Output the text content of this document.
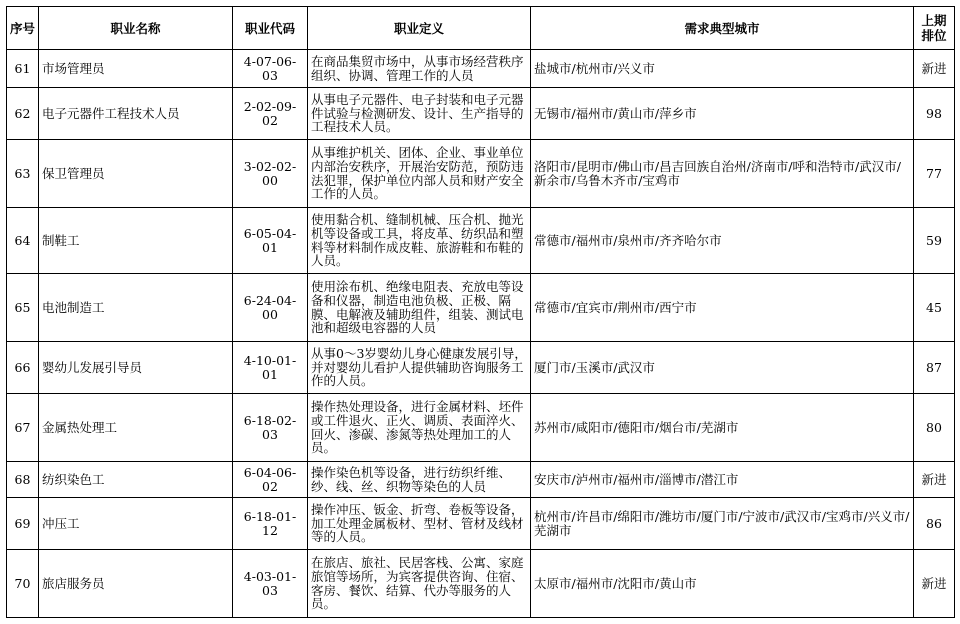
序号	职业名称	职业代码	职业定义	需求典型城市	上期排位
61	市场管理员	4-07-06-03	在商品集贸市场中，从事市场经营秩序组织、协调、管理工作的人员	盐城市/杭州市/兴义市	新进
62	电子元器件工程技术人员	2-02-09-02	从事电子元器件、电子封装和电子元器件试验与检测研发、设计、生产指导的工程技术人员。	无锡市/福州市/黄山市/萍乡市	98
63	保卫管理员	3-02-02-00	从事维护机关、团体、企业、事业单位内部治安秩序，开展治安防范，预防违法犯罪，保护单位内部人员和财产安全工作的人员。	洛阳市/昆明市/佛山市/昌吉回族自治州/济南市/呼和浩特市/武汉市/新余市/乌鲁木齐市/宝鸡市	77
64	制鞋工	6-05-04-01	使用黏合机、缝制机械、压合机、抛光机等设备或工具，将皮革、纺织品和塑料等材料制作成皮鞋、旅游鞋和布鞋的人员。	常德市/福州市/泉州市/齐齐哈尔市	59
65	电池制造工	6-24-04-00	使用涂布机、绝缘电阻表、充放电等设备和仪器，制造电池负极、正极、隔膜、电解液及辅助组件，组装、测试电池和超级电容器的人员	常德市/宜宾市/荆州市/西宁市	45
66	婴幼儿发展引导员	4-10-01-01	从事0～3岁婴幼儿身心健康发展引导，并对婴幼儿看护人提供辅助咨询服务工作的人员。	厦门市/玉溪市/武汉市	87
67	金属热处理工	6-18-02-03	操作热处理设备，进行金属材料、坯件或工件退火、正火、调质、表面淬火、回火、渗碳、渗氮等热处理加工的人员。	苏州市/咸阳市/德阳市/烟台市/芜湖市	80
68	纺织染色工	6-04-06-02	操作染色机等设备，进行纺织纤维、纱、线、丝、织物等染色的人员	安庆市/泸州市/福州市/淄博市/潜江市	新进
69	冲压工	6-18-01-12	操作冲压、钣金、折弯、卷板等设备，加工处理金属板材、型材、管材及线材等的人员。	杭州市/许昌市/绵阳市/潍坊市/厦门市/宁波市/武汉市/宝鸡市/兴义市/芜湖市	86
70	旅店服务员	4-03-01-03	在旅店、旅社、民居客栈、公寓、家庭旅馆等场所，为宾客提供咨询、住宿、客房、餐饮、结算、代办等服务的人员。	太原市/福州市/沈阳市/黄山市	新进
